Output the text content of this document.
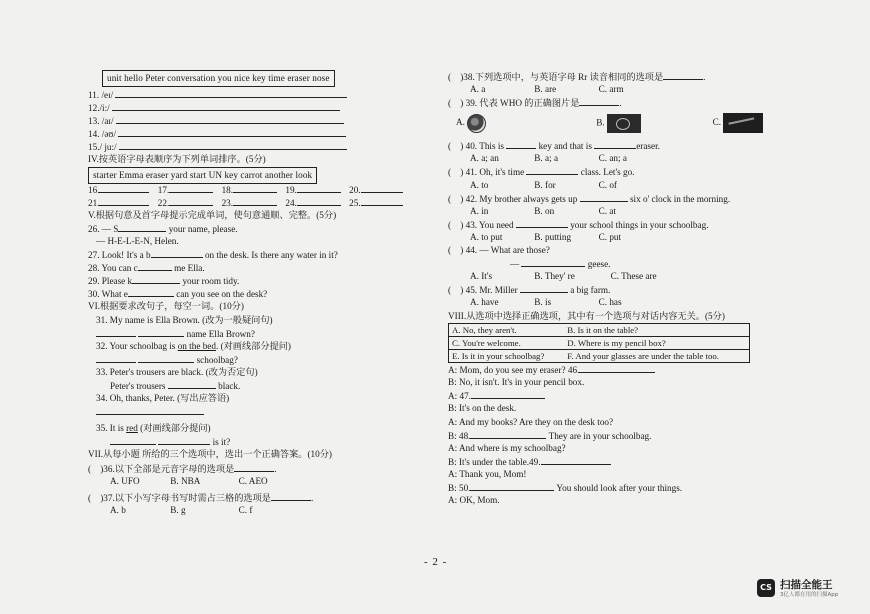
unit hello Peter conversation you nice key time eraser nose
11. /eɪ/
12./i:/
13. /aɪ/
14. /əʊ/
15./ ju:/
IV.按英语字母表顺序为下列单词排序。(5分)
starter Emma eraser yard start UN key carrot another look
16.	17.	18.	19.	20.
21.	22.	23.	24.	25.
V.根据句意及首字母提示完成单词，使句意通顺、完整。(5分)
26. — S	your name, please.
— H-E-L-E-N, Helen.
27. Look! It's a b	on the desk. Is there any water in it?
28. You can c	me Ella.
29. Please k	your room tidy.
30. What e	can you see on the desk?
VI.根据要求改句子，每空一词。(10分)
31. My name is Ella Brown. (改为一般疑问句)
name Ella Brown?
32. Your schoolbag is on the bed. (对画线部分提问)
schoolbag?
33. Peter's trousers are black. (改为否定句)
Peter's trousers	black.
34. Oh, thanks, Peter. (写出应答语)
35. It is red (对画线部分提问)
is it?
VII.从每小题 所给的三个选项中，选出一个正确答案。(10分)
(    )36.以下全部是元音字母的选项是	.
A. UFO	B. NBA	C. AEO
(    )37.以下小写字母书写时需占三格的选项是	.
A. b	B. g	C. f
(    )38.下列选项中，与英语字母 Rr 读音相同的选项是	.
A. a	B. are	C. arm
(    ) 39. 代表 WHO 的正确图片是	.
A.	B.	C.
(    ) 40. This is	key and that is	eraser.
A. a; an	B. a; a	C. an; a
(    ) 41. Oh, it's time	class. Let's go.
A. to	B. for	C. of
(    ) 42. My brother always gets up	six o' clock in the morning.
A. in	B. on	C. at
(    ) 43. You need	your school things in your schoolbag.
A. to put	B. putting	C. put
(    ) 44. — What are those?
—	geese.
A. It's	B. They' re	C. These are
(    ) 45. Mr. Miller	a big farm.
A. have	B. is	C. has
VIII.从选项中选择正确选项，其中有一个选项与对话内容无关。(5分)
A. No, they aren't.	B. Is it on the table?
C. You're welcome.	D. Where is my pencil box?
E. Is it in your schoolbag?	F. And your glasses are under the table too.
A: Mom, do you see my eraser? 46.
B: No, it isn't. It's in your pencil box.
A: 47.
B: It's on the desk.
A: And my books? Are they on the desk too?
B: 48.	They are in your schoolbag.
A: And where is my schoolbag?
B: It's under the table.49.
A: Thank you, Mom!
B: 50.	You should look after your things.
A: OK, Mom.
- 2 -
CS 扫描全能王
3亿人都在用的扫描App
